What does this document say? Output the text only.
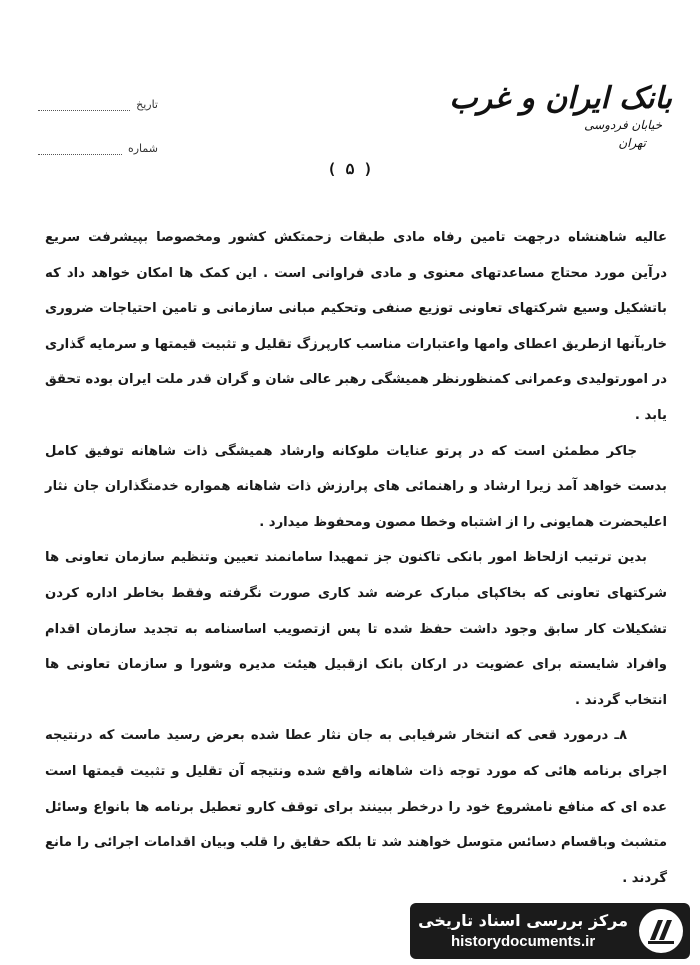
بانک ایران و غرب
خیابان فردوسی
تهران
تاریخ
شماره
( ۵ )

عالیه شاهنشاه درجهت تامین رفاه مادی طبقات زحمتکش کشور ومخصوصا بپیشرفت سریع درآین مورد محتاج مساعدتهای معنوی و مادی فراوانی است . این کمک ها امکان خواهد داد که باتشکیل وسیع شرکتهای تعاونی توزیع صنفی وتحکیم مبانی سازمانی و تامین احتیاجات ضروری خاربآنها ازطریق اعطای وامها واعتبارات مناسب کارپرزگ تقلیل و تثبیت قیمتها و سرمایه گذاری در امورتولیدی وعمرانی کمنظورنظر همیشگی رهبر عالی شان و گران قدر ملت ایران بوده تحقق یابد .

جاکر مطمئن است که در پرتو عنایات ملوکانه وارشاد همیشگی ذات شاهانه توفیق کامل بدست خواهد آمد زیرا ارشاد و راهنمائی های پرارزش ذات شاهانه همواره خدمتگذاران جان نثار اعلیحضرت همایونی را از اشتباه وخطا مصون ومحفوظ میدارد .

بدین ترتیب ازلحاظ امور بانکی تاکنون جز تمهیدا سامانمند تعیین وتنظیم سازمان تعاونی ها شرکتهای تعاونی که بخاکپای مبارک عرضه شد کاری صورت نگرفته وفقط بخاطر اداره کردن تشکیلات کار سابق وجود داشت حفظ شده تا پس ازتصویب اساسنامه به تجدید سازمان اقدام وافراد شایسته برای عضویت در ارکان بانک ازقبیل هیئت مدیره وشورا و سازمان تعاونی ها انتخاب گردند .

۸ـ درمورد قعی که انتخار شرفیابی به جان نثار عطا شده بعرض رسید ماست که درنتیجه اجرای برنامه هائی که مورد توجه ذات شاهانه واقع شده ونتیجه آن تقلیل و تثبیت قیمتها است عده ای که منافع نامشروع خود را درخطر ببینند برای توقف کارو تعطیل برنامه ها بانواع وسائل متشبث وباقسام دسائس متوسل خواهند شد تا بلکه حقایق را قلب وبیان اقدامات اجرائی را مانع گردند .

مرکز بررسی اسناد تاریخی
historydocuments.ir
